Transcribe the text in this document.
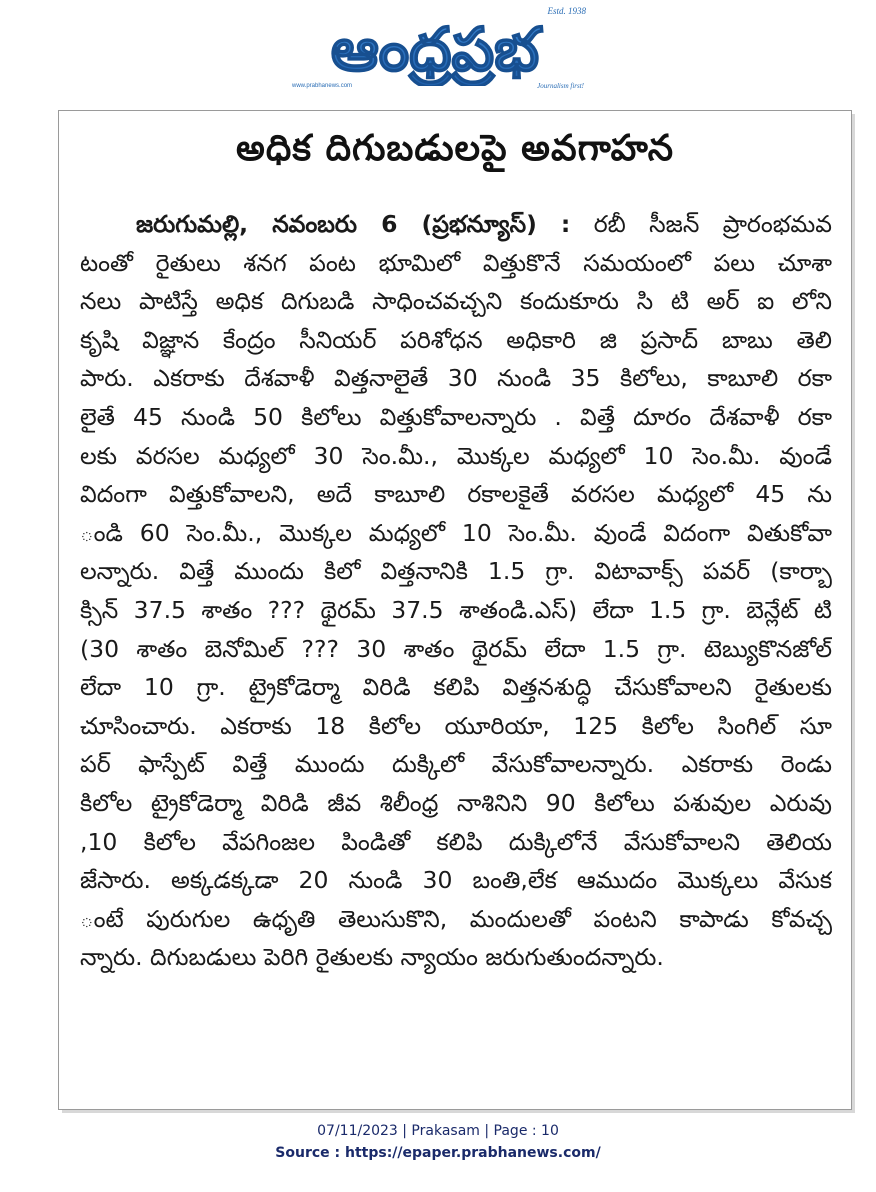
ఆంధ్రప్రభ
Estd. 1938
www.prabhanews.com	Journalism first!
అధిక దిగుబడులపై అవగాహన
జరుగుమల్లి, నవంబరు 6 (ప్రభన్యూస్) : రబీ సీజన్ ప్రారంభమవ
టంతో రైతులు శనగ పంట భూమిలో విత్తుకొనే సమయంలో పలు చూశా
నలు పాటిస్తే అధిక దిగుబడి సాధించవచ్చని కందుకూరు సి టి అర్ ఐ లోని
కృషి విజ్ఞాన కేంద్రం సీనియర్ పరిశోధన అధికారి జి ప్రసాద్ బాబు తెలి
పారు. ఎకరాకు దేశవాళీ విత్తనాలైతే 30 నుండి 35 కిలోలు, కాబూలి రకా
లైతే 45 నుండి 50 కిలోలు విత్తుకోవాలన్నారు . విత్తే దూరం దేశవాళీ రకా
లకు వరసల మధ్యలో 30 సెం.మీ., మొక్కల మధ్యలో 10 సెం.మీ. వుండే
విదంగా విత్తుకోవాలని, అదే కాబూలి రకాలకైతే వరసల మధ్యలో 45 ను
ండి 60 సెం.మీ., మొక్కల మధ్యలో 10 సెం.మీ. వుండే విదంగా వితుకోవా
లన్నారు. విత్తే ముందు కిలో విత్తనానికి 1.5 గ్రా. విటావాక్స్ పవర్ (కార్బా
క్సిన్ 37.5 శాతం ??? థైరమ్ 37.5 శాతండి.ఎస్) లేదా 1.5 గ్రా. బెన్లేట్ టి
(30 శాతం బెనోమిల్ ??? 30 శాతం థైరమ్ లేదా 1.5 గ్రా. టెబ్యుకొనజోల్
లేదా 10 గ్రా. ట్రైకోడెర్మా విరిడి కలిపి విత్తనశుద్ధి చేసుకోవాలని రైతులకు
చూసించారు. ఎకరాకు 18 కిలోల యూరియా, 125 కిలోల సింగిల్ సూ
పర్ ఫాస్పేట్ విత్తే ముందు దుక్కిలో వేసుకోవాలన్నారు. ఎకరాకు రెండు
కిలోల ట్రైకోడెర్మా విరిడి జీవ శిలీంధ్ర నాశినిని 90 కిలోలు పశువుల ఎరువు
,10 కిలోల వేపగింజల పిండితో కలిపి దుక్కిలోనే వేసుకోవాలని తెలియ
జేసారు. అక్కడక్కడా 20 నుండి 30 బంతి,లేక ఆముదం మొక్కలు వేసుక
ంటే పురుగుల ఉధృతి తెలుసుకొని, మందులతో పంటని కాపాడు కోవచ్చ
న్నారు. దిగుబడులు పెరిగి రైతులకు న్యాయం జరుగుతుందన్నారు.
07/11/2023 | Prakasam | Page : 10
Source : https://epaper.prabhanews.com/
